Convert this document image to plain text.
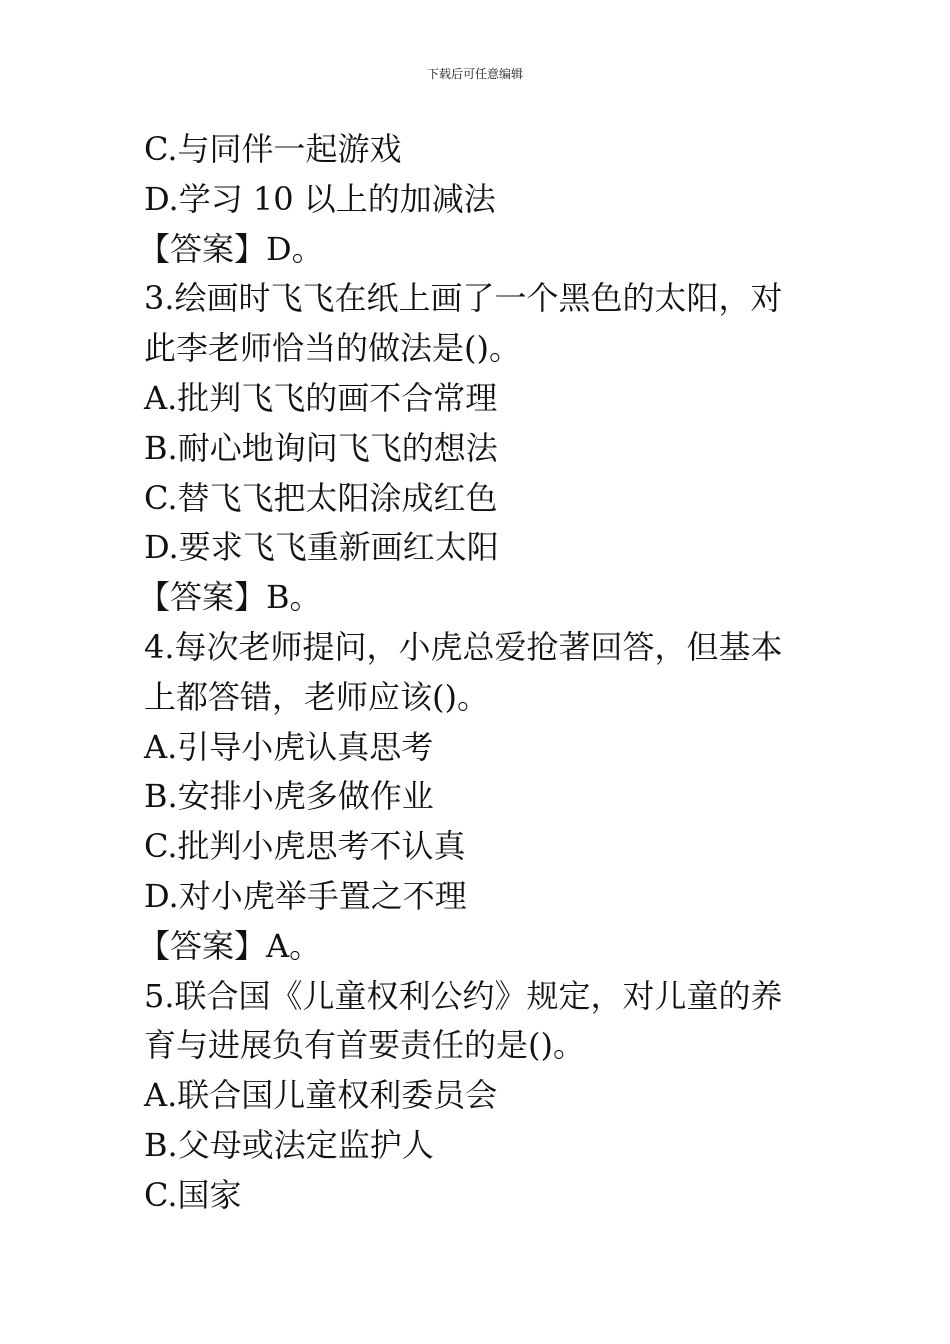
下载后可任意编辑
C.与同伴一起游戏
D.学习 10 以上的加减法
【答案】D。
3.绘画时飞飞在纸上画了一个黑色的太阳，对
此李老师恰当的做法是()。
A.批判飞飞的画不合常理
B.耐心地询问飞飞的想法
C.替飞飞把太阳涂成红色
D.要求飞飞重新画红太阳
【答案】B。
4.每次老师提问，小虎总爱抢著回答，但基本
上都答错，老师应该()。
A.引导小虎认真思考
B.安排小虎多做作业
C.批判小虎思考不认真
D.对小虎举手置之不理
【答案】A。
5.联合国《儿童权利公约》规定，对儿童的养
育与进展负有首要责任的是()。
A.联合国儿童权利委员会
B.父母或法定监护人
C.国家
